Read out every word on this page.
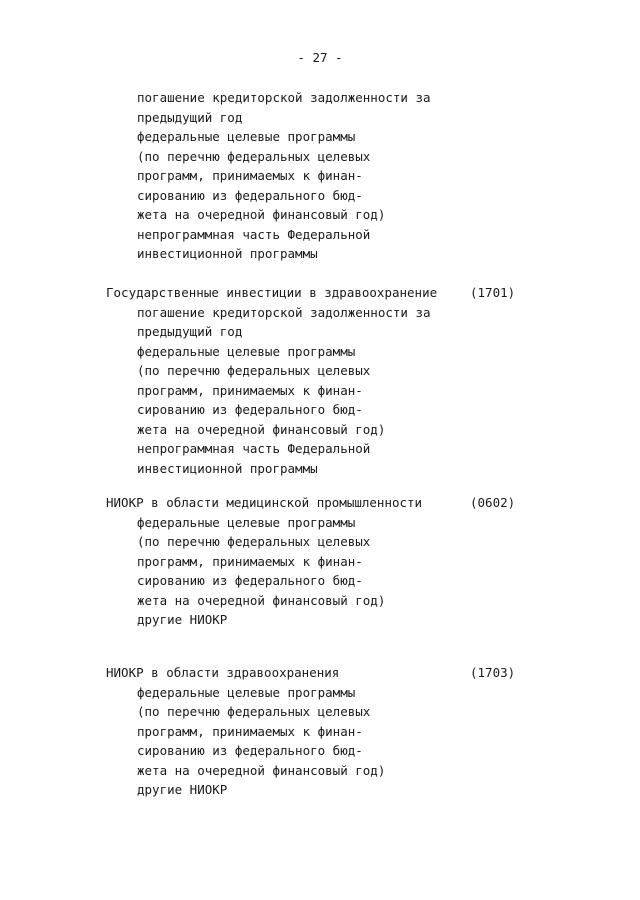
- 27 -
погашение кредиторской задолженности за
предыдущий год
федеральные целевые программы
(по перечню федеральных целевых
программ, принимаемых к финан-
сированию из федерального бюд-
жета на очередной финансовый год)
непрограммная часть Федеральной
инвестиционной программы
Государственные инвестиции в здравоохранение	(1701)
погашение кредиторской задолженности за
предыдущий год
федеральные целевые программы
(по перечню федеральных целевых
программ, принимаемых к финан-
сированию из федерального бюд-
жета на очередной финансовый год)
непрограммная часть Федеральной
инвестиционной программы
НИОКР в области медицинской промышленности	(0602)
федеральные целевые программы
(по перечню федеральных целевых
программ, принимаемых к финан-
сированию из федерального бюд-
жета на очередной финансовый год)
другие НИОКР
НИОКР в области здравоохранения	(1703)
федеральные целевые программы
(по перечню федеральных целевых
программ, принимаемых к финан-
сированию из федерального бюд-
жета на очередной финансовый год)
другие НИОКР
